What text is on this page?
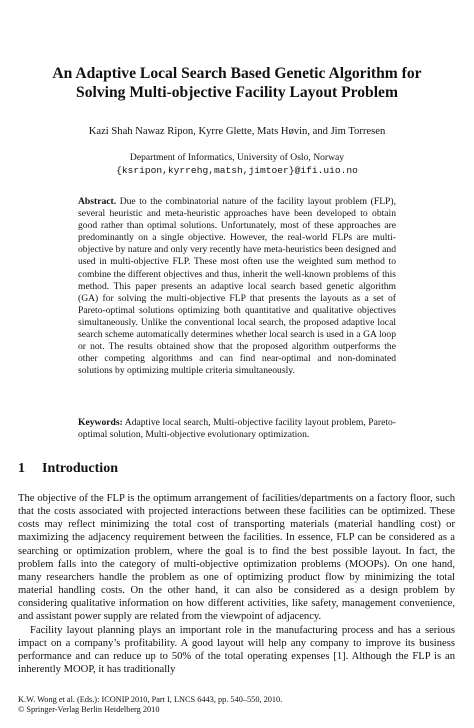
An Adaptive Local Search Based Genetic Algorithm for
Solving Multi-objective Facility Layout Problem
Kazi Shah Nawaz Ripon, Kyrre Glette, Mats Høvin, and Jim Torresen
Department of Informatics, University of Oslo, Norway
{ksripon,kyrrehg,matsh,jimtoer}@ifi.uio.no
Abstract. Due to the combinatorial nature of the facility layout problem (FLP), several heuristic and meta-heuristic approaches have been developed to obtain good rather than optimal solutions. Unfortunately, most of these approaches are predominantly on a single objective. However, the real-world FLPs are multi-objective by nature and only very recently have meta-heuristics been designed and used in multi-objective FLP. These most often use the weighted sum method to combine the different objectives and thus, inherit the well-known problems of this method. This paper presents an adaptive local search based genetic algorithm (GA) for solving the multi-objective FLP that presents the layouts as a set of Pareto-optimal solutions optimizing both quantitative and qualitative objectives simultaneously. Unlike the conventional local search, the proposed adaptive local search scheme automatically determines whether local search is used in a GA loop or not. The results obtained show that the proposed algorithm outperforms the other competing algorithms and can find near-optimal and non-dominated solutions by optimizing multiple criteria simultaneously.
Keywords: Adaptive local search, Multi-objective facility layout problem, Pareto-optimal solution, Multi-objective evolutionary optimization.
1 Introduction

The objective of the FLP is the optimum arrangement of facilities/departments on a factory floor, such that the costs associated with projected interactions between these facilities can be optimized. These costs may reflect minimizing the total cost of transporting materials (material handling cost) or maximizing the adjacency requirement between the facilities. In essence, FLP can be considered as a searching or optimization problem, where the goal is to find the best possible layout. In fact, the problem falls into the category of multi-objective optimization problems (MOOPs). On one hand, many researchers handle the problem as one of optimizing product flow by minimizing the total material handling costs. On the other hand, it can also be considered as a design problem by considering qualitative information on how different activities, like safety, management convenience, and assistant power supply are related from the viewpoint of adjacency.

Facility layout planning plays an important role in the manufacturing process and has a serious impact on a company’s profitability. A good layout will help any company to improve its business performance and can reduce up to 50% of the total operating expenses [1]. Although the FLP is an inherently MOOP, it has traditionally

K.W. Wong et al. (Eds.): ICONIP 2010, Part I, LNCS 6443, pp. 540–550, 2010.
© Springer-Verlag Berlin Heidelberg 2010
